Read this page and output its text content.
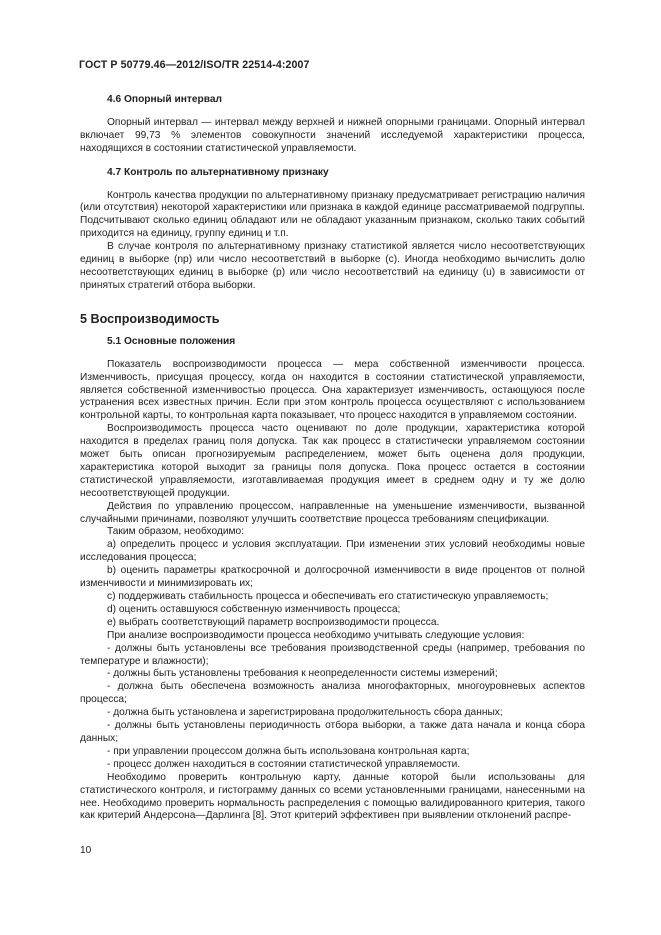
ГОСТ Р 50779.46—2012/ISO/TR 22514-4:2007

4.6 Опорный интервал

Опорный интервал — интервал между верхней и нижней опорными границами. Опорный интервал включает 99,73 % элементов совокупности значений исследуемой характеристики процесса, находящихся в состоянии статистической управляемости.

4.7 Контроль по альтернативному признаку

Контроль качества продукции по альтернативному признаку предусматривает регистрацию наличия (или отсутствия) некоторой характеристики или признака в каждой единице рассматриваемой подгруппы. Подсчитывают сколько единиц обладают или не обладают указанным признаком, сколько таких событий приходится на единицу, группу единиц и т.п.

В случае контроля по альтернативному признаку статистикой является число несоответствующих единиц в выборке (np) или число несоответствий в выборке (c). Иногда необходимо вычислить долю несоответствующих единиц в выборке (p) или число несоответствий на единицу (u) в зависимости от принятых стратегий отбора выборки.

5 Воспроизводимость

5.1 Основные положения

Показатель воспроизводимости процесса — мера собственной изменчивости процесса. Изменчивость, присущая процессу, когда он находится в состоянии статистической управляемости, является собственной изменчивостью процесса. Она характеризует изменчивость, остающуюся после устранения всех известных причин. Если при этом контроль процесса осуществляют с использованием контрольной карты, то контрольная карта показывает, что процесс находится в управляемом состоянии.

Воспроизводимость процесса часто оценивают по доле продукции, характеристика которой находится в пределах границ поля допуска. Так как процесс в статистически управляемом состоянии может быть описан прогнозируемым распределением, может быть оценена доля продукции, характеристика которой выходит за границы поля допуска. Пока процесс остается в состоянии статистической управляемости, изготавливаемая продукция имеет в среднем одну и ту же долю несоответствующей продукции.

Действия по управлению процессом, направленные на уменьшение изменчивости, вызванной случайными причинами, позволяют улучшить соответствие процесса требованиям спецификации.

Таким образом, необходимо:

а) определить процесс и условия эксплуатации. При изменении этих условий необходимы новые исследования процесса;

b) оценить параметры краткосрочной и долгосрочной изменчивости в виде процентов от полной изменчивости и минимизировать их;

c) поддерживать стабильность процесса и обеспечивать его статистическую управляемость;

d) оценить оставшуюся собственную изменчивость процесса;

e) выбрать соответствующий параметр воспроизводимости процесса.

При анализе воспроизводимости процесса необходимо учитывать следующие условия:

- должны быть установлены все требования производственной среды (например, требования по температуре и влажности);

- должны быть установлены требования к неопределенности системы измерений;

- должна быть обеспечена возможность анализа многофакторных, многоуровневых аспектов процесса;

- должна быть установлена и зарегистрирована продолжительность сбора данных;

- должны быть установлены периодичность отбора выборки, а также дата начала и конца сбора данных;

- при управлении процессом должна быть использована контрольная карта;

- процесс должен находиться в состоянии статистической управляемости.

Необходимо проверить контрольную карту, данные которой были использованы для статистического контроля, и гистограмму данных со всеми установленными границами, нанесенными на нее. Необходимо проверить нормальность распределения с помощью валидированного критерия, такого как критерий Андерсона—Дарлинга [8]. Этот критерий эффективен при выявлении отклонений распре-

10
